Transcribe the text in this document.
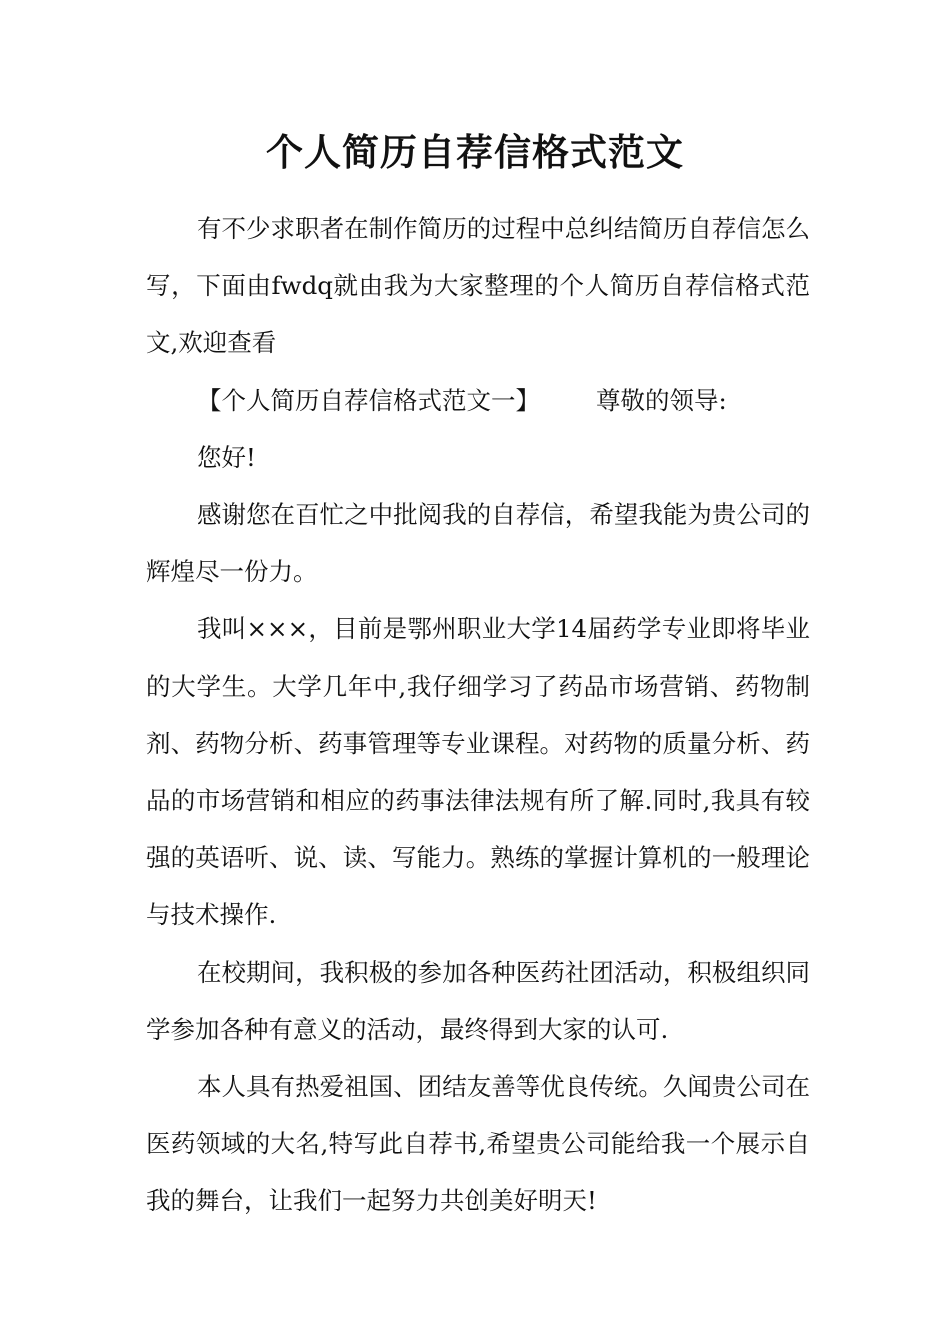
个人简历自荐信格式范文

有不少求职者在制作简历的过程中总纠结简历自荐信怎么写，下面由fwdq就由我为大家整理的个人简历自荐信格式范文,欢迎查看

【个人简历自荐信格式范文一】 尊敬的领导:

您好!

感谢您在百忙之中批阅我的自荐信，希望我能为贵公司的辉煌尽一份力。

我叫×××，目前是鄂州职业大学14届药学专业即将毕业的大学生。大学几年中,我仔细学习了药品市场营销、药物制剂、药物分析、药事管理等专业课程。对药物的质量分析、药品的市场营销和相应的药事法律法规有所了解.同时,我具有较强的英语听、说、读、写能力。熟练的掌握计算机的一般理论与技术操作.

在校期间，我积极的参加各种医药社团活动，积极组织同学参加各种有意义的活动，最终得到大家的认可.

本人具有热爱祖国、团结友善等优良传统。久闻贵公司在医药领域的大名,特写此自荐书,希望贵公司能给我一个展示自我的舞台，让我们一起努力共创美好明天!
